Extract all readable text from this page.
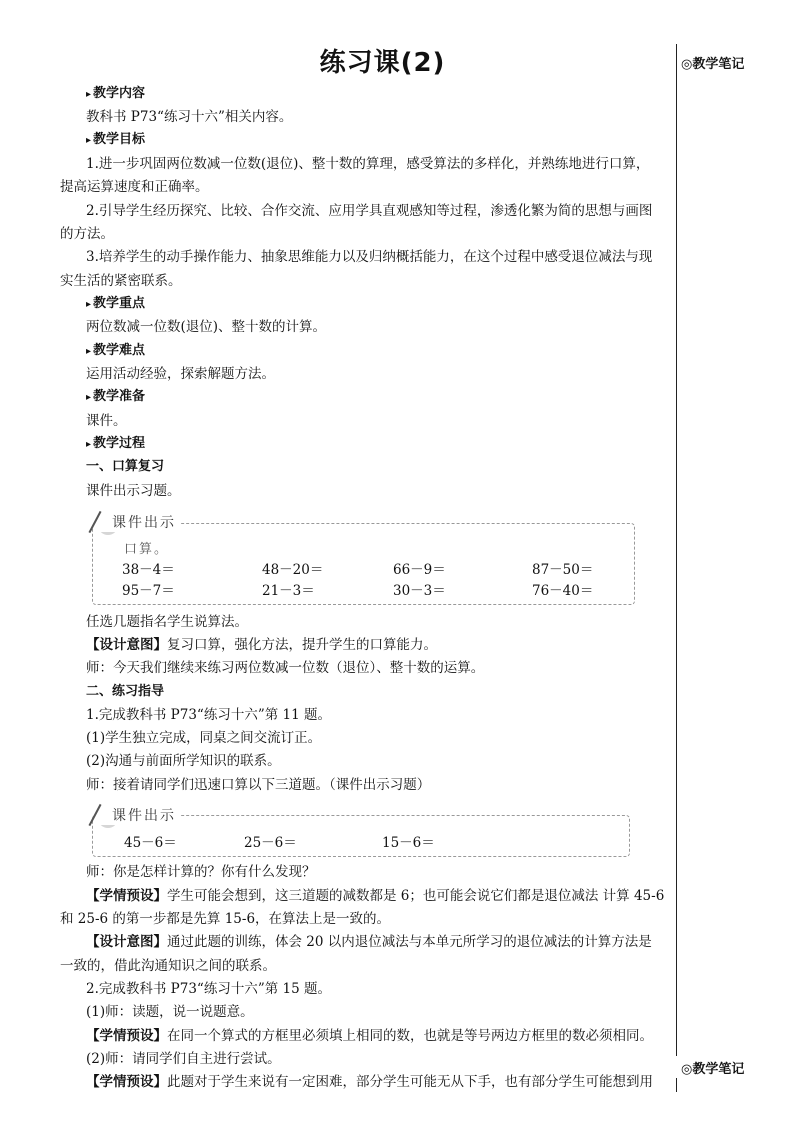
练习课(2)	◎教学笔记
◎教学笔记
▸ 教学内容
教科书 P73“练习十六”相关内容。
▸ 教学目标
1.进一步巩固两位数减一位数(退位)、整十数的算理，感受算法的多样化，并熟练地进行口算，
提高运算速度和正确率。
2.引导学生经历探究、比较、合作交流、应用学具直观感知等过程，渗透化繁为简的思想与画图
的方法。
3.培养学生的动手操作能力、抽象思维能力以及归纳概括能力，在这个过程中感受退位减法与现
实生活的紧密联系。
▸ 教学重点
两位数减一位数(退位)、整十数的计算。
▸ 教学难点
运用活动经验，探索解题方法。
▸ 教学准备
课件。
▸ 教学过程
一、口算复习
课件出示习题。
课件出示
口算。
38－4＝	48－20＝	66－9＝	87－50＝
95－7＝	21－3＝	30－3＝	76－40＝
任选几题指名学生说算法。
【设计意图】复习口算，强化方法，提升学生的口算能力。
师：今天我们继续来练习两位数减一位数（退位）、整十数的运算。
二、练习指导
1.完成教科书 P73“练习十六”第 11 题。
(1)学生独立完成，同桌之间交流订正。
(2)沟通与前面所学知识的联系。
师：接着请同学们迅速口算以下三道题。（课件出示习题）
课件出示
45－6＝	25－6＝	15－6＝
师：你是怎样计算的？你有什么发现？
【学情预设】学生可能会想到，这三道题的减数都是 6；也可能会说它们都是退位减法 计算 45-6
和 25-6 的第一步都是先算 15-6，在算法上是一致的。
【设计意图】通过此题的训练，体会 20 以内退位减法与本单元所学习的退位减法的计算方法是
一致的，借此沟通知识之间的联系。
2.完成教科书 P73“练习十六”第 15 题。
(1)师：读题，说一说题意。
【学情预设】在同一个算式的方框里必须填上相同的数，也就是等号两边方框里的数必须相同。
(2)师：请同学们自主进行尝试。
【学情预设】此题对于学生来说有一定困难，部分学生可能无从下手，也有部分学生可能想到用
